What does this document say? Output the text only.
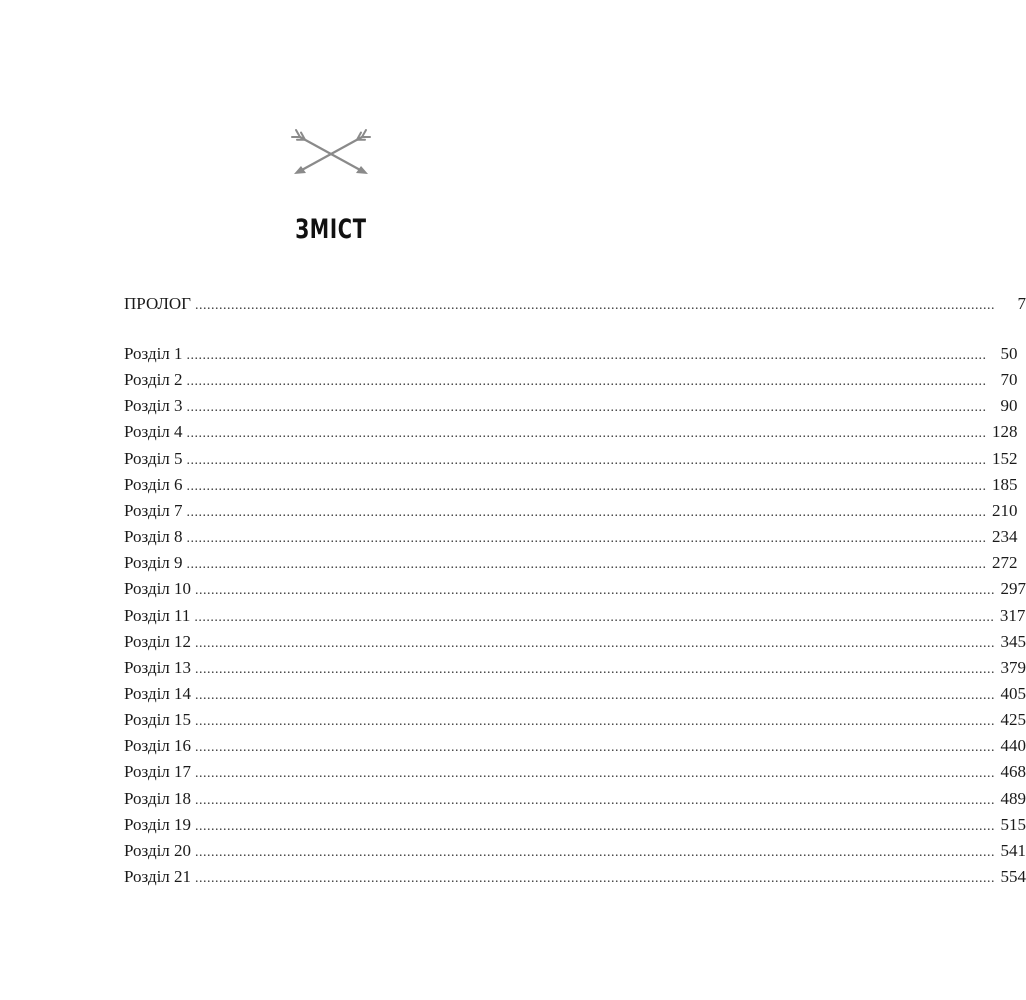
ЗМІСТ
ПРОЛОГ ........................................................................................................................................................................................................	7
Розділ 1 ........................................................................................................................................................................................................ 50
Розділ 2 ........................................................................................................................................................................................................ 70
Розділ 3 ........................................................................................................................................................................................................ 90
Розділ 4 ........................................................................................................................................................................................................ 128
Розділ 5 ........................................................................................................................................................................................................ 152
Розділ 6 ........................................................................................................................................................................................................ 185
Розділ 7 ........................................................................................................................................................................................................ 210
Розділ 8 ........................................................................................................................................................................................................ 234
Розділ 9 ........................................................................................................................................................................................................ 272
Розділ 10 ........................................................................................................................................................................................................ 297
Розділ 11 ........................................................................................................................................................................................................ 317
Розділ 12 ........................................................................................................................................................................................................ 345
Розділ 13 ........................................................................................................................................................................................................ 379
Розділ 14 ........................................................................................................................................................................................................ 405
Розділ 15 ........................................................................................................................................................................................................ 425
Розділ 16 ........................................................................................................................................................................................................ 440
Розділ 17 ........................................................................................................................................................................................................ 468
Розділ 18 ........................................................................................................................................................................................................ 489
Розділ 19 ........................................................................................................................................................................................................ 515
Розділ 20 ........................................................................................................................................................................................................ 541
Розділ 21 ........................................................................................................................................................................................................ 554
